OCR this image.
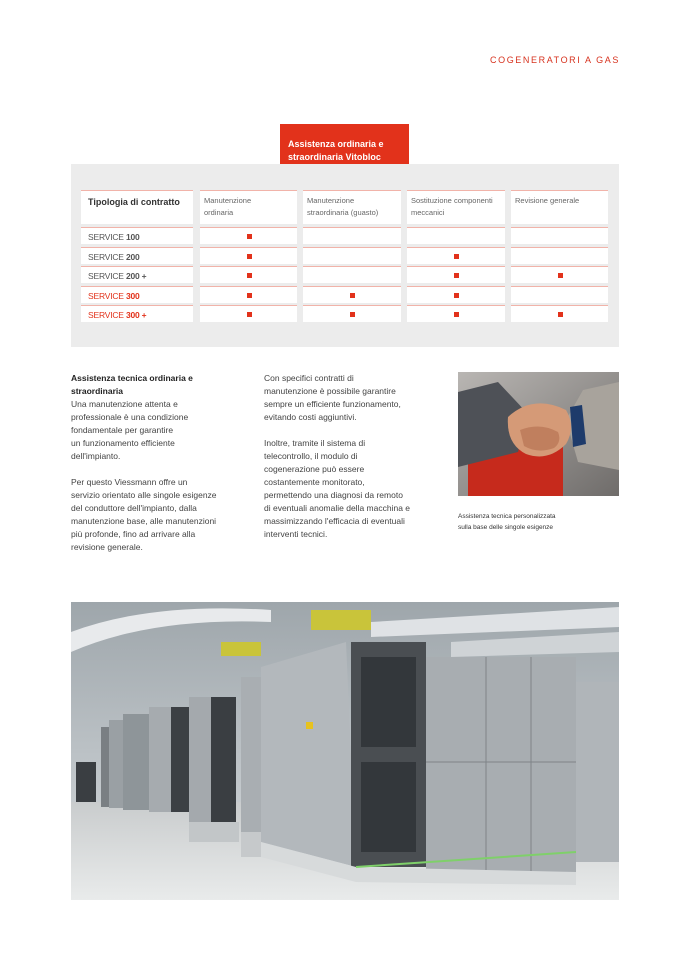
COGENERATORI A GAS
Assistenza ordinaria e
straordinaria Vitobloc
Tipologia di contratto	Manutenzione
ordinaria
Manutenzione
straordinaria (guasto)
Sostituzione componenti
meccanici
Revisione generale
SERVICE 100
SERVICE 200
SERVICE 200 +
SERVICE 300
SERVICE 300 +
Assistenza tecnica ordinaria e
straordinaria

Una manutenzione attenta e
professionale è una condizione
fondamentale per garantire
un funzionamento efficiente
dell'impianto.

Per questo Viessmann offre un
servizio orientato alle singole esigenze
del conduttore dell'impianto, dalla
manutenzione base, alle manutenzioni
più profonde, fino ad arrivare alla
revisione generale.

Con specifici contratti di
manutenzione è possibile garantire
sempre un efficiente funzionamento,
evitando costi aggiuntivi.

Inoltre, tramite il sistema di
telecontrollo, il modulo di
cogenerazione può essere
costantemente monitorato,
permettendo una diagnosi da remoto
di eventuali anomalie della macchina e
massimizzando l'efficacia di eventuali
interventi tecnici.

Assistenza tecnica personalizzata
sulla base delle singole esigenze
